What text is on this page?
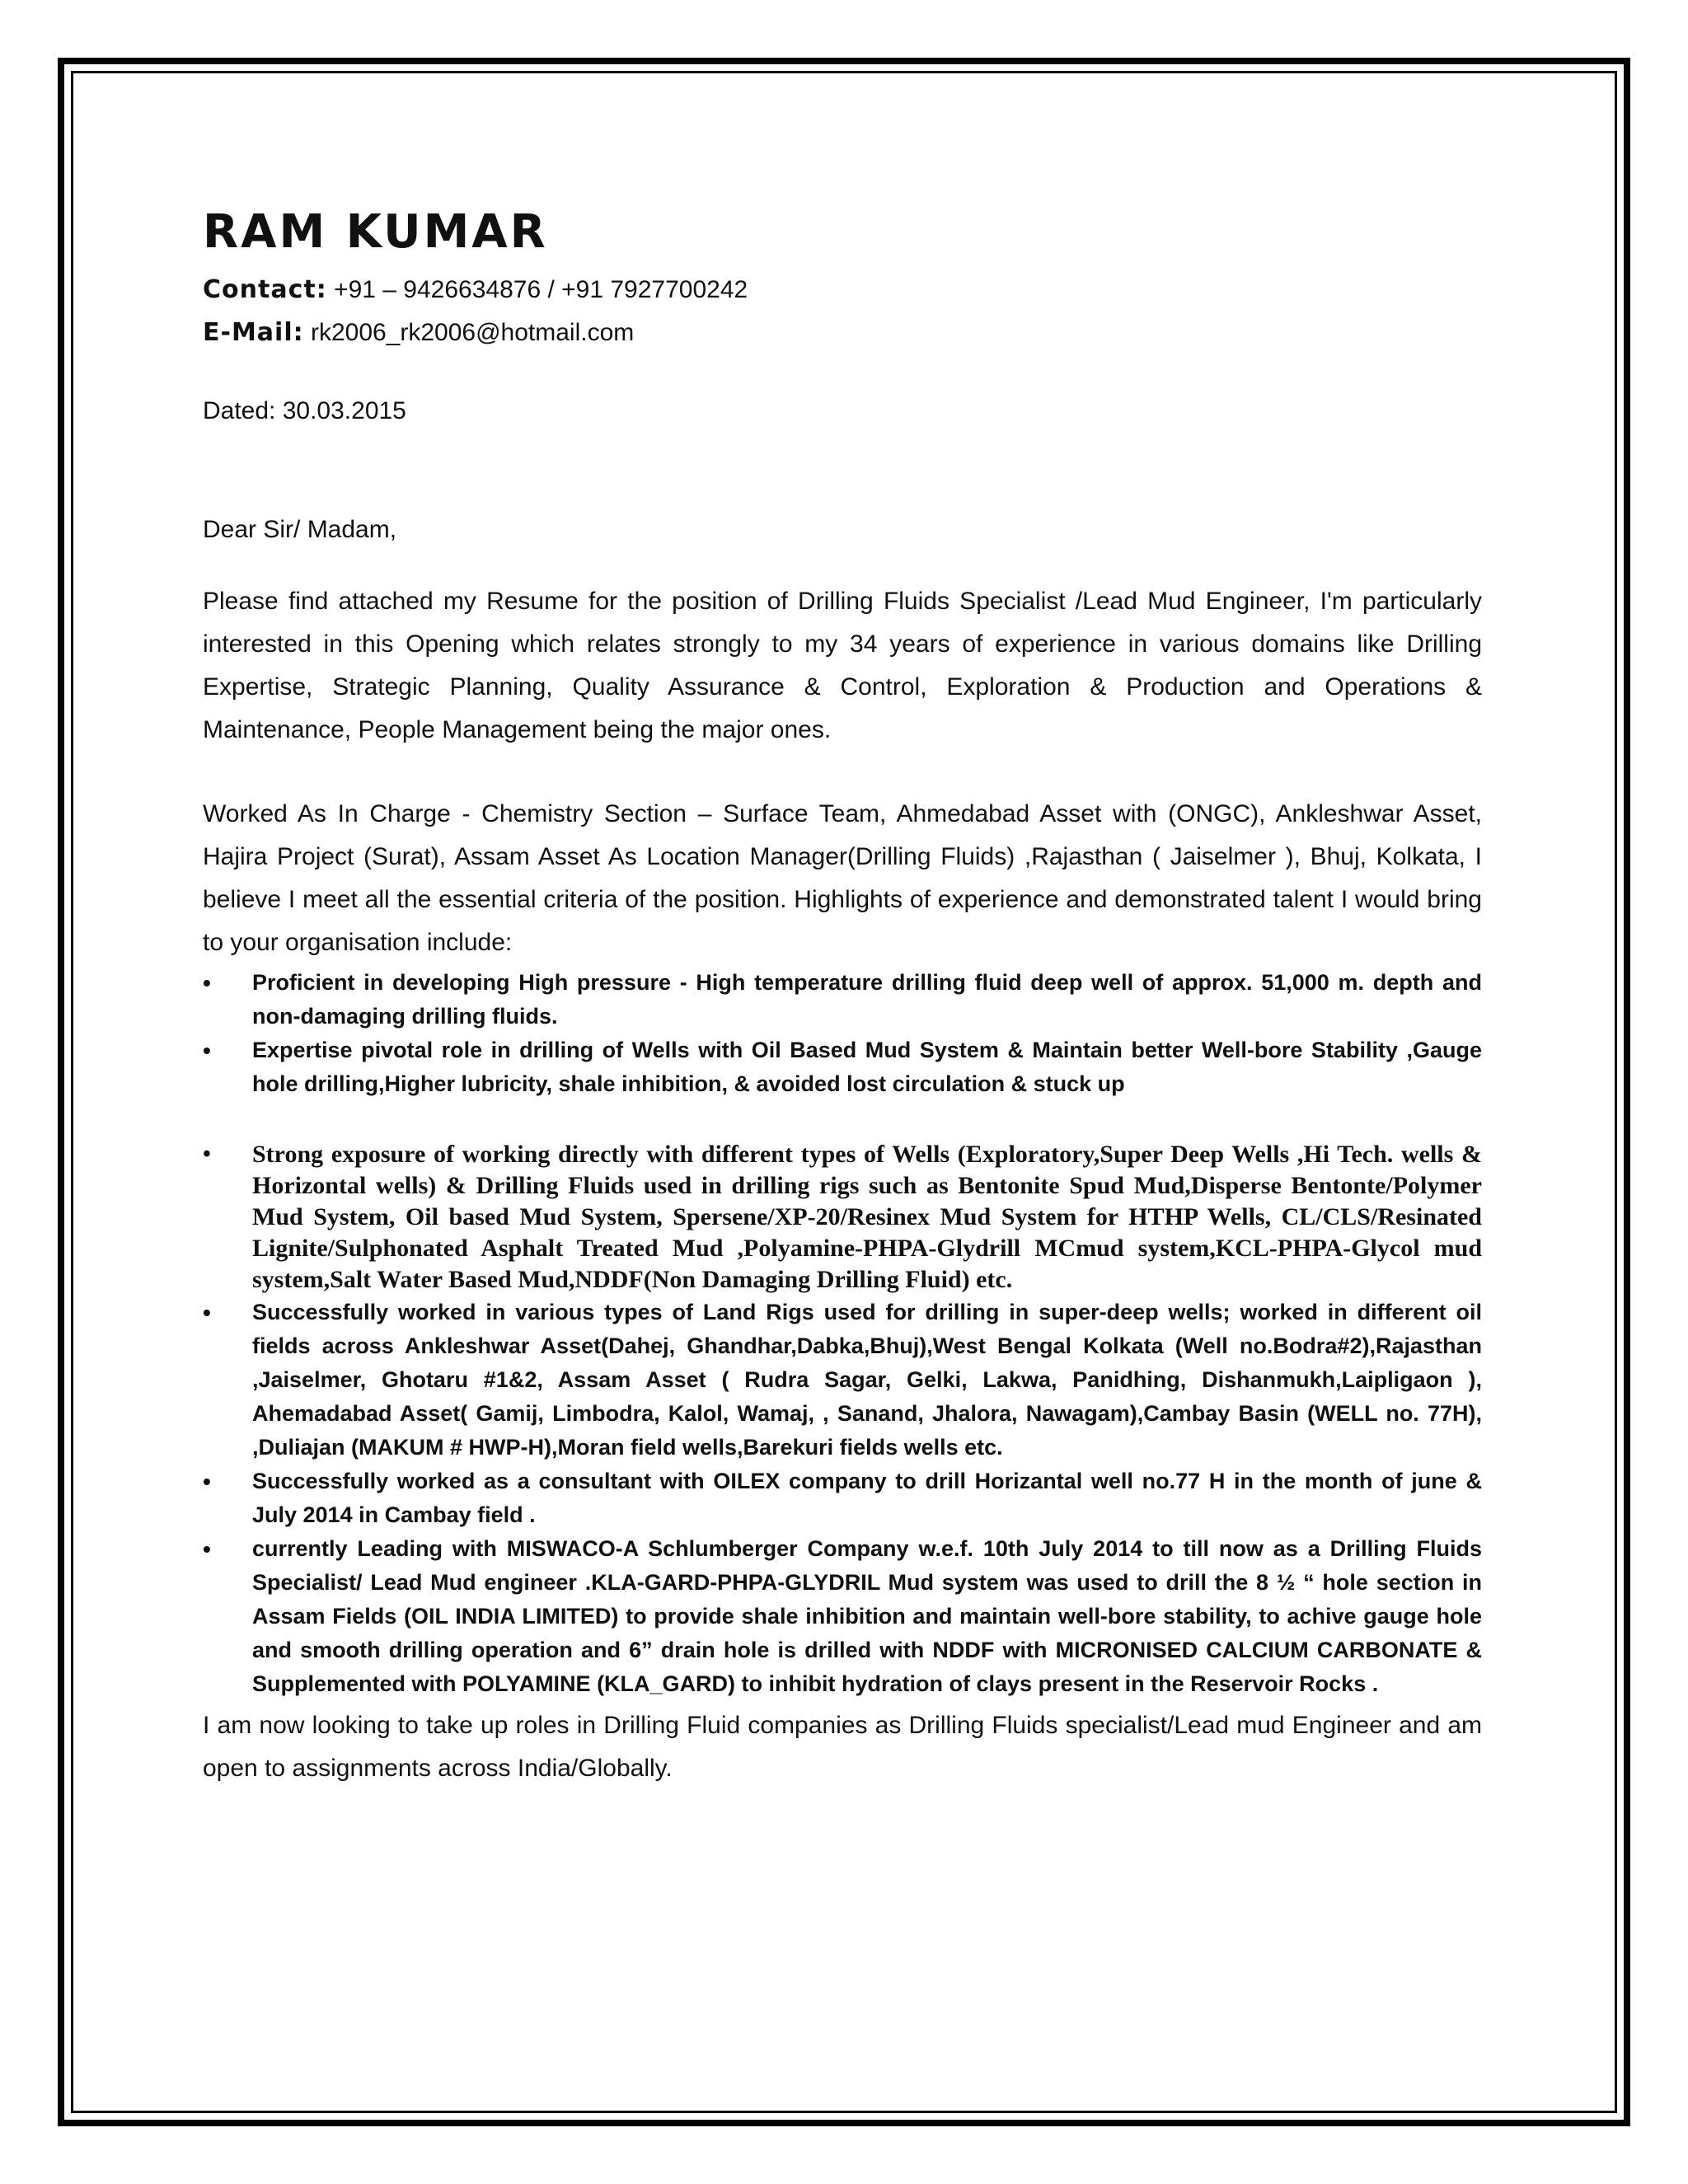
RAM KUMAR
Contact: +91 – 9426634876 / +91 7927700242
E-Mail: rk2006_rk2006@hotmail.com
Dated: 30.03.2015
Dear Sir/ Madam,

Please find attached my Resume for the position of Drilling Fluids Specialist /Lead Mud Engineer, I'm particularly interested in this Opening which relates strongly to my 34 years of experience in various domains like Drilling Expertise, Strategic Planning, Quality Assurance & Control, Exploration & Production and Operations & Maintenance, People Management being the major ones.

Worked As In Charge - Chemistry Section – Surface Team, Ahmedabad Asset with (ONGC), Ankleshwar Asset, Hajira Project (Surat), Assam Asset As Location Manager(Drilling Fluids) ,Rajasthan ( Jaiselmer ), Bhuj, Kolkata, I believe I meet all the essential criteria of the position. Highlights of experience and demonstrated talent I would bring to your organisation include:

•	Proficient in developing High pressure - High temperature drilling fluid deep well of approx. 51,000 m. depth and non-damaging drilling fluids.
•	Expertise pivotal role in drilling of Wells with Oil Based Mud System & Maintain better Well-bore Stability ,Gauge hole drilling,Higher lubricity, shale inhibition, & avoided lost circulation & stuck up
•	Strong exposure of working directly with different types of Wells (Exploratory,Super Deep Wells ,Hi Tech. wells & Horizontal wells) & Drilling Fluids used in drilling rigs such as Bentonite Spud Mud,Disperse Bentonte/Polymer Mud System, Oil based Mud System, Spersene/XP-20/Resinex Mud System for HTHP Wells, CL/CLS/Resinated Lignite/Sulphonated Asphalt Treated Mud ,Polyamine-PHPA-Glydrill MCmud system,KCL-PHPA-Glycol mud system,Salt Water Based Mud,NDDF(Non Damaging Drilling Fluid) etc.
•	Successfully worked in various types of Land Rigs used for drilling in super-deep wells; worked in different oil fields across Ankleshwar Asset(Dahej, Ghandhar,Dabka,Bhuj),West Bengal Kolkata (Well no.Bodra#2),Rajasthan ,Jaiselmer, Ghotaru #1&2, Assam Asset ( Rudra Sagar, Gelki, Lakwa, Panidhing, Dishanmukh,Laipligaon ), Ahemadabad Asset( Gamij, Limbodra, Kalol, Wamaj, , Sanand, Jhalora, Nawagam),Cambay Basin (WELL no. 77H), ,Duliajan (MAKUM # HWP-H),Moran field wells,Barekuri fields wells etc.
•	Successfully worked as a consultant with OILEX company to drill Horizantal well no.77 H in the month of june & July 2014 in Cambay field .
•	currently Leading with MISWACO-A Schlumberger Company w.e.f. 10th July 2014 to till now as a Drilling Fluids Specialist/ Lead Mud engineer .KLA-GARD-PHPA-GLYDRIL Mud system was used to drill the 8 ½ “ hole section in Assam Fields (OIL INDIA LIMITED) to provide shale inhibition and maintain well-bore stability, to achive gauge hole and smooth drilling operation and 6” drain hole is drilled with NDDF with MICRONISED CALCIUM CARBONATE & Supplemented with POLYAMINE (KLA_GARD) to inhibit hydration of clays present in the Reservoir Rocks .

I am now looking to take up roles in Drilling Fluid companies as Drilling Fluids specialist/Lead mud Engineer and am open to assignments across India/Globally.
